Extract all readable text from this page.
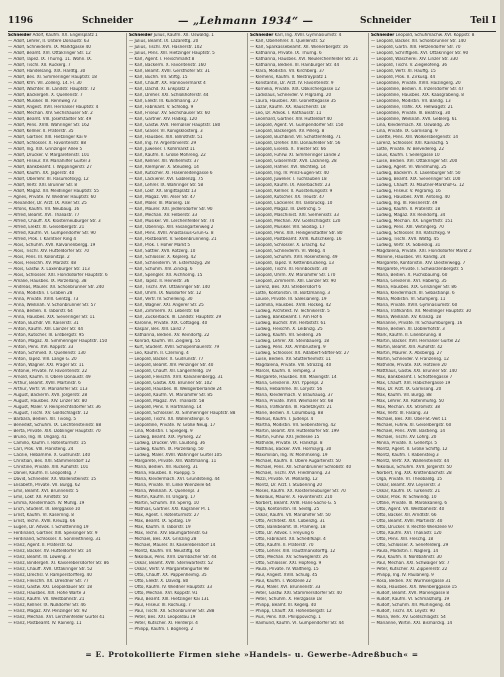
1196	Schneider	— „Lehmann 1934“ —	Schneider	Teil I
Schneider Adolf, Kaufm. XX. Engelsplatz 1
— Adolf, Lehrer, II. Untere Donaustr. 63
— Adolf, Schneiderm. IX. Marktgasse 40
— Adolf, Beamt. XVI. Ottakringer Str. 12
— Adolf, Tapez. IX. Thurng. 11. Wohn. IX.
— Adolf, Tischl. XII. Ruckerg. 7
— Adolf, Handelsang. XIX. Hardtg. 30
— Adolf, Bes. XI. Simmeringer Hauptstr. 18
— Adolf, Kfm. VII. Zollerg. 14. Fl. 30
— Adolf, Wächter. III. Landstr. Hauptstr. 72
— Adolf, Bäckergeh. X. Quellenstr. 7
— Adolf, Musiker. III. Rennweg 73
— Adolf, Angest. XVII. Hernalser Hauptstr. 4
— Adolf, Mechan. XIV. Sechshauser Str. 2
— Adolf, Beamt. VIII. Josefstädter Str. 49
— Adolf, Pens. XVIII. Währinger Str. 162
— Adolf, Kellner. II. Praterstr. 35
— Adolf, Gärtner. XIII. Hietzinger Kai 9
— Adolf, Schlosser. X. Favoritenstr. 88
— Adolf, Ing. XIX. Grinzinger Allee 5
— Adolf, Drucker. V. Margaretenstr. 101
— Adolf, Friseur. XV. Mariahilfer Gürtel 3
— Adolf, Bankbeamt. I. Wipplingerstr. 27
— Adolf, Kaufm. XX. Jägerstr. 40
— Adolf, Oberlehr. III. Rasumofskyg. 12
— Adolf, Vertr. XXI. Brünner Str. 8
— Adolf, Magaz. XII. Meidlinger Hauptstr. 55
— Agnes, Private. IV. Wiedner Hauptstr. 60
— Alexander, Dr. Arzt. IX. Alser Str. 25
— Alfons, Kaufm. VII. Neubaug. 16
— Alfred, Beamt. XVI. Thaliastr. 77
— Alfred, Chauff. XX. Klosterneuburger Str. 3
— Alfred, Elektr. XI. Geiselbergstr. 21
— Alfred, Kaufm. VI. Gumpendorfer Str. 90
— Alfred, Prok. I. Kärntner Ring 4
— Alois, Schuhm. XVII. Kalvarienbergg. 19
— Alois, Tischl. XIV. Hütteldorfer Str. 70
— Alois, Pens. III. Kolonitzpl. 2
— Alois, Fleischh. XV. Märzstr. 48
— Alois, Gastw. X. Laxenburger Str. 113
— Alois, Schlosser. XXI. Floridsdorfer Hauptstr. 6
— Amalie, Hausbes. IX. Porzellang. 38
— Andreas, Maurer. XII. Schönbrunner Str. 240
— Anna, Modistin. I. Graben 28
— Anna, Private. XVIII. Gentzg. 73
— Anna, Weißnäh. V. Schönbrunner Str. 57
— Anna, Bedien. II. Taborstr. 64
— Anna, Hausbes. XIX. Sieveringer Str. 11
— Anton, Buchdr. VII. Kaiserstr. 31
— Anton, Kaufm. XIII. Lainzer Str. 44
— Anton, Kutscher. III. Erdbergstr. 95
— Anton, Magaz. XI. Simmeringer Hauptstr. 150
— Anton, Pens. XVI. Koppstr. 33
— Anton, Schmied. X. Quellenstr. 130
— Anton, Tapez. VIII. Lange G. 20
— Anton, Wagner. XXI. Prager Str. 11
— Antonie, Private. IV. Favoritenstr. 22
— Arnold, Kaufm. II. Obere Donaustr. 49
— Arthur, Beamt. XVIII. Martinstr. 6
— Arthur, Vertr. VI. Mariahilfer Str. 113
— August, Bäckerm. XVII. Jörgerstr. 28
— August, Hausbes. XIV. Linzer Str. 80
— August, Maler. V. Reinprechtsdorfer Str. 36
— August, Tischl. XV. Goldschlagstr. 12
— Barbara, Bedien. XII. Tivolig. 5
— Benedikt, Schuhm. IX. Liechtensteinstr. 88
— Berta, Private. XIX. Döblinger Hauptstr. 70
— Bruno, Ing. III. Ungarg. 41
— Camillo, Kaufm. I. Rotenturmstr. 15
— Carl, Prok. VIII. Piaristeng. 24
— Cäcilie, Hebamme. X. Gudrunstr. 140
— Christian, Bes. XXI. Stammersdorf 12
— Christine, Private. XIII. Auhofstr. 101
— Daniel, Kaufm. II. Leopoldsg. 7
— David, Schneider. XX. Wallensteinstr. 15
— Elisabeth, Private. VII. Burgg. 62
— Emil, Beamt. XVI. Brunnenstr. 5
— Emil, Lokf. XII. Arndtstr. 50
— Emma, Kleidermach. IV. Mühlg. 19
— Erich, Student. IX. Berggasse 10
— Ernst, Kaufm. VI. Kasernng. 8
— Ernst, Techn. XVIII. Kreuzg. 66
— Eugen, Dr. Advok. I. Schottenring 19
— Ferdinand, Gärtner. XIII. Speisinger Str. 9
— Ferdinand, Schlosser. X. Sonnleithnerg. 31
— Franz, Agent. II. Praterstr. 62
— Franz, Bäcker. XV. Hütteldorfer Str. 14
— Franz, Beamt. III. Löweng. 3
— Franz, Bindergeh. XI. Kaiserebersdorfer Str. 86
— Franz, Chauff. XVII. Ottakringer Str. 52
— Franz, Drechsl. V. Ramperstorfferg. 40
— Franz, Fleischh. XX. Dresdner Str. 77
— Franz, Gastw. XXI. Leopoldauer Str. 18
— Franz, Hausbes. XIX. Hohe Warte 3
— Franz, Kaufm. VII. Westbahnstr. 21
— Franz, Kellner. IX. Nußdorfer Str. 46
— Franz, Magaz. XIV. Penzinger Str. 92
— Franz, Mechan. XVI. Lerchenfelder Gürtel 41
— Franz, Postbeamt. IV. Rainerg. 11
Schneider Julius, Kaufm. XII. Oswaldg. 1
— Julius, Beamt. IX. Lazarettg. 20
— Julius, Tischl. XVI. Hasnerstr. 102
— Julius, Pens. XIII. Hietzinger Hauptstr. 5
— Karl, Agent. I. Fleischmarkt 8
— Karl, Bäckerm. X. Favoritenstr. 160
— Karl, Beamt. XVIII. Gersthofer Str. 31
— Karl, Buchh. VII. Stiftg. 15
— Karl, Chauff. XX. Hannovermarkt 4
— Karl, Dachd. XI. Enkplatz 2
— Karl, Dreher. XXI. Schloßhoferstr. 44
— Karl, Elektr. III. Kundmanng. 27
— Karl, Fabrikant. V. Schloßg. 9
— Karl, Friseur. XV. Sechshauser Str. 60
— Karl, Gärtner. XIV. Hadikg. 120
— Karl, Gastw. XVII. Hernalser Hauptstr. 180
— Karl, Glaser. VI. Königsklosterg. 3
— Karl, Hausbes. XIX. Billrothstr. 51
— Karl, Ing. IV. Argentinierstr. 29
— Karl, Juwelier. I. Kohlmarkt 11
— Karl, Kaufm. II. Große Mohreng. 22
— Karl, Kellner. XII. Wilhelmstr. 37
— Karl, Klempner. X. Steudelg. 14
— Karl, Kutscher. XI. Hasenleitengasse 6
— Karl, Lackierer. XVI. Gablenzg. 75
— Karl, Lehrer. IX. Währinger Str. 58
— Karl, Lokf. XX. Brigittaplatz 13
— Karl, Magaz. VIII. Alser Str. 47
— Karl, Maler. III. Marxerg. 18
— Karl, Maurer. XXI. Jedlersdorfer Str. 90
— Karl, Mechan. XV. Felberstr. 33
— Karl, Musiker. VII. Lerchenfelder Str. 74
— Karl, Oberinsp. XIII. Fasangartenweg 2
— Karl, Pens. XVIII. Anastasius-Grün-G. 8
— Karl, Postbeamt. V. Siebenbrunneng. 21
— Karl, Prok. I. Hoher Markt 5
— Karl, Sattler. XVII. Rötzerg. 10
— Karl, Schlosser. X. Keplerg. 42
— Karl, Schneiderm. VI. Esterházyg. 28
— Karl, Schuhm. XIV. Zinckg. 6
— Karl, Spengler. XII. Aichhorng. 15
— Karl, Tapez. II. Heinestr. 36
— Karl, Tischl. XVI. Ottakringer Str. 140
— Karl, Uhrm. IX. Nußdorfer Str. 12
— Karl, Vertr. IV. Schelleing. 30
— Karl, Wagner. XXI. Angerer Str. 25
— Karl, Zimmerm. XI. Leberstr. 68
— Karl, Zuckerbäck. III. Landstr. Hauptstr. 29
— Karoline, Private. XIX. Cottageg. 40
— Kaspar, Bes. XIII. Lainz 7
— Katharina, Bedien. XV. Reindorfg. 22
— Konrad, Kaufm. VII. Zieglerg. 55
— Kurt, Student. XVIII. Schopenhauerstr. 79
— Leo, Kaufm. II. Czerning. 4
— Leopold, Bäcker. X. Gudrunstr. 77
— Leopold, Beamt. XIV. Penzinger Str. 40
— Leopold, Chauff. XII. Längenfeldg. 19
— Leopold, Fleischh. XVII. Kalvarienbergg. 31
— Leopold, Gastw. XXI. Brünner Str. 102
— Leopold, Hausbes. III. Weißgerberlände 24
— Leopold, Kaufm. VI. Mariahilfer Str. 85
— Leopold, Magaz. XVI. Thaliastr. 58
— Leopold, Pens. V. Hartmanng. 14
— Leopold, Schlosser. XI. Simmeringer Hauptstr. 88
— Leopold, Tischl. XX. Wallensteinpl. 6
— Leopoldine, Private. IV. Große Neug. 17
— Lina, Modistin. I. Spiegelg. 9
— Ludwig, Beamt. XIX. Pyrkerg. 22
— Ludwig, Drucker. VIII. Laudong. 36
— Ludwig, Kaufm. IX. Porzellang. 50
— Ludwig, Maler. XVIII. Währinger Gürtel 105
— Margarete, Private. XIII. Wattmanng. 11
— Maria, Bedien. XII. Ruckerg. 31
— Maria, Hausbes. II. Rueppg. 5
— Maria, Kleidermach. XVI. Grundsteing. 44
— Maria, Private. VI. Linke Wienzeile 64
— Maria, Weißnäh. X. Quellenpl. 3
— Martin, Kaufm. III. Ungarg. 17
— Martin, Schuhm. XV. Sperrg. 10
— Mathias, Gärtner. XXI. Kagraner Pl. 1
— Max, Agent. I. Rotenturmstr. 27
— Max, Beamt. IX. Spitalg. 19
— Max, Kaufm. II. Taborstr. 19
— Max, Techn. XIV. Baumgartenstr. 63
— Michael, Bes. XIX. Grinzing 28
— Michael, Maurer. XI. Kaiserebersdorf 14
— Moritz, Kaufm. VII. Neustiftg. 60
— Nikolaus, Pens. XVII. Dornbacher Str. 44
— Oskar, Beamt. XVIII. Sternwartestr. 52
— Oskar, Vertr. V. Margaretengürtel 98
— Otto, Chauff. XX. Pappenheimg. 35
— Otto, Elektr. X. Davidg. 80
— Otto, Kaufm. IV. Wiedner Hauptstr. 33
— Otto, Mechan. XVI. Koppstr. 91
— Paul, Beamt. XIII. Hietzinger Kai 131
— Paul, Friseur. III. Rochusg. 7
— Paul, Tischl. XII. Schönbrunner Str. 288
— Peter, Bes. XXI. Leopoldau 19
— Peter, Kutscher. XI. Herderpl. 4
— Philipp, Kaufm. I. Bognerg. 2
Schneider Karl, Ing. XVIII. Gymnasiumstr. 4
— Karl, Oberlehrer. X. Quellenstr. 52
— Karl, Sparkassebeamt. XII. Wienerbergstr. 16
— Katharina, Private. IX. Thurng. 6
— Katharina, Hausbes. XVI. Neulerchenfelder Str. 21
— Katharina, Bedien. III. Hainburger Str. 44
— Klara, Modistin. VII. Kirchberg. 37
— Klemens, Kaufm. II. Nestroyplatz 1
— Konstantin, Dr. Arzt. IV. Favoritenstr. 9
— Kornelia, Private. XIX. Obkirchergasse 12
— Ladislaus, Schneider. V. Pilgramg. 20
— Laura, Hausbes. XIII. Gloriettegasse 35
— Lazar, Kaufm. XX. Rauscherstr. 18
— Leo, Dr. Advok. I. Rathausstr. 11
— Leonhard, Gärtner. XIV. Hütteldorf 40
— Leopold, Agent. VI. Gumpendorfer Str. 150
— Leopold, Bäckergeh. XV. Pillerg. 8
— Leopold, Buchbind. VII. Schottenfeldg. 71
— Leopold, Dreher. XXI. Donaufelder Str. 56
— Leopold, Eisenb. X. Triester Str. 66
— Leopold, Fuhrw. XI. Simmeringer Lände 2
— Leopold, Glasermstr. XVII. Lacknerg. 28
— Leopold, Hafner. XVI. Wichtelg. 14
— Leopold, Ing. IV. Prinz-Eugen-Str. 40
— Leopold, Juwelier. I. Tuchlauben 18
— Leopold, Kaufm. IX. Alserbachstr. 23
— Leopold, Kellner. II. Ausstellungsstr. 9
— Leopold, Kutscher. XX. Treustr. 47
— Leopold, Lackierer. XII. Tanbruckg. 10
— Leopold, Magaz. III. Dietrichg. 5
— Leopold, Maschinist. XXI. Siemensstr. 33
— Leopold, Mechan. XIV. Goldschlagstr. 120
— Leopold, Musiker. VIII. Skodag. 17
— Leopold, Pens. XIX. Heiligenstädter Str. 80
— Leopold, Postbeamt. XVIII. Kutschkerg. 16
— Leopold, Schlosser. X. Erlachg. 62
— Leopold, Schneiderm. VI. Webg. 4
— Leopold, Schuhm. XVII. Rosensteing. 49
— Leopold, Tapez. V. Kettenbrückeng. 13
— Leopold, Tischl. XI. Rinnböckstr. 30
— Leopold, Uhrm. XV. Mariahilfer Str. 170
— Leopold, Zimmerm. XIII. Lainzer Str. 90
— Lorenz, Bes. XXI. Strebersdorf 6
— Lotte, Kontoristin. IX. Boltzmanng. 3
— Louise, Private. III. Salesianerg. 19
— Ludmilla, Hausbes. XVIII. Hockeg. 42
— Ludwig, Architekt. IV. Technikerstr. 5
— Ludwig, Bankbeamt. I. Am Hof 6
— Ludwig, Buchdr. XVI. Herbststr. 61
— Ludwig, Fleischh. X. Leibnizg. 25
— Ludwig, Kaufm. VII. Seideng. 26
— Ludwig, Lehrer. XII. Steinbauerg. 18
— Ludwig, Pens. XIX. Armbrusterg. 9
— Ludwig, Schlosser. XX. Adalbert-Stifter-Str. 27
— Luise, Bedien. XV. Stutterheimstr. 11
— Magdalena, Private. VIII. Strozzig. 40
— Marcel, Kaufm. II. Tempelg. 3
— Margarete, Hausbes. XIII. Maxingstr. 14
— Maria, Greislerin. XVI. Yppenpl. 2
— Maria, Hebamme. XI. Lorystr. 56
— Maria, Kleidermach. V. Bräuhausg. 37
— Maria, Private. XVIII. Weimarer Str. 68
— Maria, Trafikantin. III. Radetzkystr. 21
— Marie, Bedien. X. Columbusg. 88
— Markus, Kaufm. I. Judenpl. 4
— Martha, Modistin. VII. Siebensterng. 42
— Martin, Beamt. XIV. Hütteldorfer Str. 199
— Martin, Fuhrw. XXI. Jedlesee 15
— Mathilde, Private. IX. Frankhpl. 8
— Matthias, Bäcker. XVII. Hormayrg. 30
— Maximilian, Ing. IV. Mommseng. 19
— Michael, Kaufm. II. Obere Augartenstr. 50
— Michael, Pens. XII. Schönbrunner Schloßstr. 40
— Michael, Tischl. XVI. Friedmanng. 23
— Mizzi, Private. VI. Mollardg. 12
— Moritz, Dr. Arzt. I. Stubenring 20
— Moses, Kaufm. XX. Klosterneuburger Str. 70
— Nikolaus, Maurer. X. Favoritenstr. 210
— Norbert, Beamt. XVIII. Hans-Sachs-G. 5
— Olga, Kontoristin. III. Seidlg. 25
— Oskar, Kaufm. VII. Mariahilfer Str. 50
— Otto, Architekt. XIX. Cobenzlg. 31
— Otto, Bankbeamt. IX. Pramerg. 18
— Otto, Dr. Advok. I. Freyung 6
— Otto, Fabrikant. XII. Schedifkapl. 4
— Otto, Kaufm. II. Praterstr. 70
— Otto, Lehrer. XIII. Trauttmansdorffg. 12
— Otto, Mechan. XV. Schweglerstr. 26
— Otto, Schlosser. XXI. Hopfeng. 9
— Paula, Private. IV. Waltherg. 15
— Paul, Angest. XVIII. Schulg. 45
— Paul, Kaufm. I. Wollzeile 22
— Paul, Maler. XVI. Brunnenstr. 33
— Peter, Gastw. XXI. Stammersdorfer Str. 40
— Peter, Schuhm. X. Herzgasse 18
— Philipp, Beamt. III. Kegelg. 40
— Philipp, Chauff. XII. Hohenbergstr. 12
— Pius, Pens. XIX. Philippovichg. 1
— Raimund, Kaufm. VI. Gumpendorfer Str. 44
Schneider Leopold, Schuhmachw. XVI. Koppstr. 8
— Leopold, Bäcker. XII. Schönbrunner Str. 140
— Leopold, Gärtn. XIII. Hetzendorfer Str. 70
— Leopold, Schriftgieß. XVI. Ottakringer Str. 90
— Leopold, Wäscherei. XIV. Linzer Str. 330
— Leopold, Tischl. V. Ziegelofeng. 36
— Leopold, Vertr. XI. Hauffg. 15
— Leopold, Prok. II. Zirkusg. 44
— Leopoldine, Private. XVIII. Haizingerg. 20
— Leopoldine, Bedien. X. Inzersdorfer Str. 47
— Leopoldine, Hausbes. XIX. Kaasgrabeng. 8
— Leopoldine, Modistin. VII. Bandg. 13
— Leopoldine, Trafik. XX. Hellwagstr. 21
— Leopoldine, Private. III. Beatrixg. 30
— Leopoldine, Weißnäh. XVII. Geblerg. 61
— Lina, Kleidermach. XII. Oswaldg. 26
— Lina, Private. IX. Garnisong. 9
— Lisette, Pens. XIII. Wolkersbergenstr. 14
— Lorenz, Schlosser. XXI. Kainachg. 5
— Lotte, Private. IV. Belvedereg. 22
— Louis, Kaufm. I. Seilergasse 10
— Luise, Bedien. XVI. Ottakringer Str. 200
— Ludwig, Agent. VI. Windmühlg. 25
— Ludwig, Bäckerm. X. Laxenburger Str. 50
— Ludwig, Beamt. XIX. Sieveringer Str. 100
— Ludwig, Chauff. XI. Mautner-Markhof-G. 12
— Ludwig, Friseur. V. Pilgramg. 16
— Ludwig, Hausbes. XVIII. Antonig. 40
— Ludwig, Ing. III. Reisnerstr. 49
— Ludwig, Kaufm. II. Praterstr. 18
— Ludwig, Magaz. XV. Reindorfg. 34
— Ludwig, Mechan. XX. Engerthstr. 151
— Ludwig, Pens. XIII. Veitingerg. 70
— Ludwig, Schlosser. XII. Ratschkyg. 9
— Ludwig, Tischl. XVII. Wattg. 45
— Ludwig, Vertr. IX. Sobieskig. 31
— Magdalena, Private. XXI. Floridsdorfer Markt 2
— Malvine, Hausbes. VII. Kandlg. 24
— Margarete, Kontoristin. XIV. Diesterwegg. 7
— Margarete, Private. I. Schwarzenbergstr. 5
— Maria, Bedien. X. Puchsbaumg. 60
— Maria, Greislerin. XVI. Haberlg. 35
— Maria, Hausbes. XIX. Grinzinger Str. 86
— Maria, Kleidermach. III. Sebastianpl. 6
— Maria, Modistin. VI. Stumperg. 11
— Maria, Private. XVIII. Gymnasiumstr. 60
— Maria, Trafikantin. XII. Meidlinger Hauptstr. 30
— Maria, Weißnäh. XV. Kranzg. 18
— Marianne, Private. IV. Schaumburgerg. 16
— Marie, Bedien. XI. Döblerhofstr. 3
— Mark, Kaufm. II. Lilienbrunng. 8
— Martin, Bäcker. XVII. Hernalser Gürtel 22
— Martin, Beamt. XIII. Auhofstr. 42
— Martin, Maurer. X. Absbergg. 27
— Martin, Schneider. V. Franzensg. 12
— Mathilde, Private. XIX. Hofzeile 20
— Matthäus, Gastw. XXI. Brünner Str. 140
— Max, Bankbeamt. I. Schottengasse 7
— Max, Chauff. XVI. Habichergasse 19
— Max, Dr. Arzt. IX. Garnisong. 20
— Max, Kaufm. VII. Burgg. 88
— Max, Lehrer. XII. Rotenmühlg. 50
— Max, Mechan. XX. Stromstr. 38
— Max, Vertr. III. Fasang. 33
— Michael, Bes. XIII. Ober-St.-Veit 11
— Michael, Fuhrw. XI. Geiselbergstr. 60
— Michael, Pens. XVIII. Bastieng. 14
— Michael, Tischl. XV. Löhrg. 20
— Minna, Private. X. Gellertpl. 5
— Moritz, Agent. II. Große Schiffg. 12
— Moritz, Kaufm. I. Rabensteig 3
— Moritz, Vertr. XX. Wallensteinstr. 44
— Nikolaus, Schuhm. XVII. Jörgerstr. 50
— Norbert, Ing. XIX. Krottenbachstr. 28
— Olga, Private. VI. Theobaldg. 15
— Oskar, Beamt. XIV. Leyserstr. 3
— Oskar, Kaufm. IX. Türkenstr. 21
— Oskar, Prok. IV. Schwindg. 10
— Ottilie, Private. III. Marokkanerg. 6
— Otto, Agent. VII. Westbahnstr. 40
— Otto, Bäcker. XII. Arndtstr. 66
— Otto, Beamt. XVIII. Martinstr. 40
— Otto, Drucker. V. Rechte Wienzeile 97
— Otto, Kaufm. XVI. Thaliastr. 120
— Otto, Pens. XIII. Fleschg. 18
— Otto, Schlosser. X. Senefelderg. 29
— Paula, Modistin. I. Naglerg. 14
— Paul, Kaufm. II. Nordbahnstr. 30
— Paul, Mechan. XXI. Schwaiger Str. 7
— Peter, Kutscher. XI. Zippererstr. 22
— Philipp, Ing. IV. Paulanerg. 9
— Rosa, Bedien. XV. Wurmsergasse 31
— Rosa, Hausbes. XIX. Weinberggasse 15
— Rudolf, Beamt. XVII. Mariengasse 8
— Rudolf, Kaufm. VI. Schmalzhofg. 19
— Rudolf, Schuhm. XII. Murlingeng. 44
— Rudolf, Tischl. XX. Leystr. 90
— Maria, Verk. XV. Goldschlagstr. 54
— Marianne, Wirtin. XXI. Bismarckg. 14
= E. Protokollierte Firmen siehe »Handels- u. Gewerbe-Adreßbuch« =
